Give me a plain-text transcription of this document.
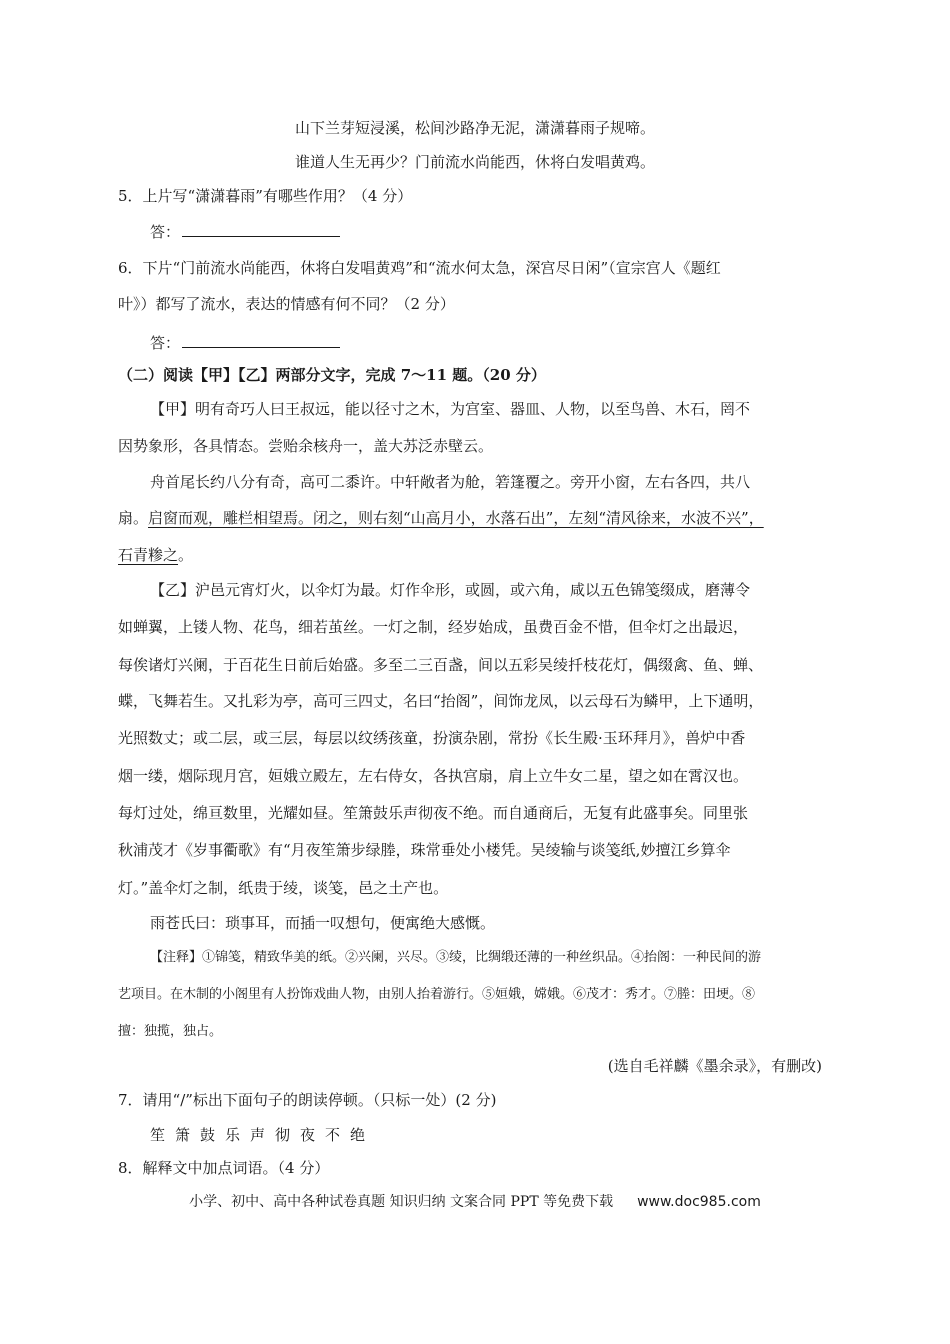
山下兰芽短浸溪，松间沙路净无泥，潇潇暮雨子规啼。
谁道人生无再少？门前流水尚能西，休将白发唱黄鸡。
5．上片写“潇潇暮雨”有哪些作用？（4 分）
答：
6．下片“门前流水尚能西，休将白发唱黄鸡”和“流水何太急，深宫尽日闲”（宣宗宫人《题红
叶》）都写了流水，表达的情感有何不同？（2 分）
答：
（二）阅读【甲】【乙】两部分文字，完成 7～11 题。（20 分）
【甲】明有奇巧人曰王叔远，能以径寸之木，为宫室、器皿、人物，以至鸟兽、木石，罔不
因势象形，各具情态。尝贻余核舟一，盖大苏泛赤壁云。
舟首尾长约八分有奇，高可二黍许。中轩敞者为舱，箬篷覆之。旁开小窗，左右各四，共八
扇。启窗而观，雕栏相望焉。闭之，则右刻“山高月小，水落石出”，左刻“清风徐来，水波不兴”，
石青糁之。
【乙】沪邑元宵灯火，以伞灯为最。灯作伞形，或圆，或六角，咸以五色锦笺缀成，磨薄令
如蝉翼，上镂人物、花鸟，细若茧丝。一灯之制，经岁始成，虽费百金不惜，但伞灯之出最迟，
每俟诸灯兴阑，于百花生日前后始盛。多至二三百盏，间以五彩吴绫扦枝花灯，偶缀禽、鱼、蝉、
蝶，飞舞若生。又扎彩为亭，高可三四丈，名曰“抬阁”，间饰龙凤，以云母石为鳞甲，上下通明，
光照数丈；或二层，或三层，每层以纹绣孩童，扮演杂剧，常扮《长生殿·玉环拜月》，兽炉中香
烟一缕，烟际现月宫，姮娥立殿左，左右侍女，各执宫扇，肩上立牛女二星，望之如在霄汉也。
每灯过处，绵亘数里，光耀如昼。笙箫鼓乐声彻夜不绝。而自通商后，无复有此盛事矣。同里张
秋浦茂才《岁事衢歌》有“月夜笙箫步绿塍，珠常垂处小楼凭。吴绫输与谈笺纸,妙擅江乡算伞
灯。”盖伞灯之制，纸贵于绫，谈笺，邑之土产也。
雨苍氏曰：琐事耳，而插一叹想句，便寓绝大感慨。
【注释】①锦笺，精致华美的纸。②兴阑，兴尽。③绫，比绸缎还薄的一种丝织品。④抬阁：一种民间的游
艺项目。在木制的小阁里有人扮饰戏曲人物，由别人抬着游行。⑤姮娥，嫦娥。⑥茂才：秀才。⑦塍：田埂。⑧
擅：独揽，独占。
(选自毛祥麟《墨余录》，有删改)
7．请用“/”标出下面句子的朗读停顿。（只标一处）(2 分)
笙箫鼓乐声彻夜不绝
8．解释文中加点词语。（4 分）
小学、初中、高中各种试卷真题 知识归纳 文案合同 PPT 等免费下载 www.doc985.com
